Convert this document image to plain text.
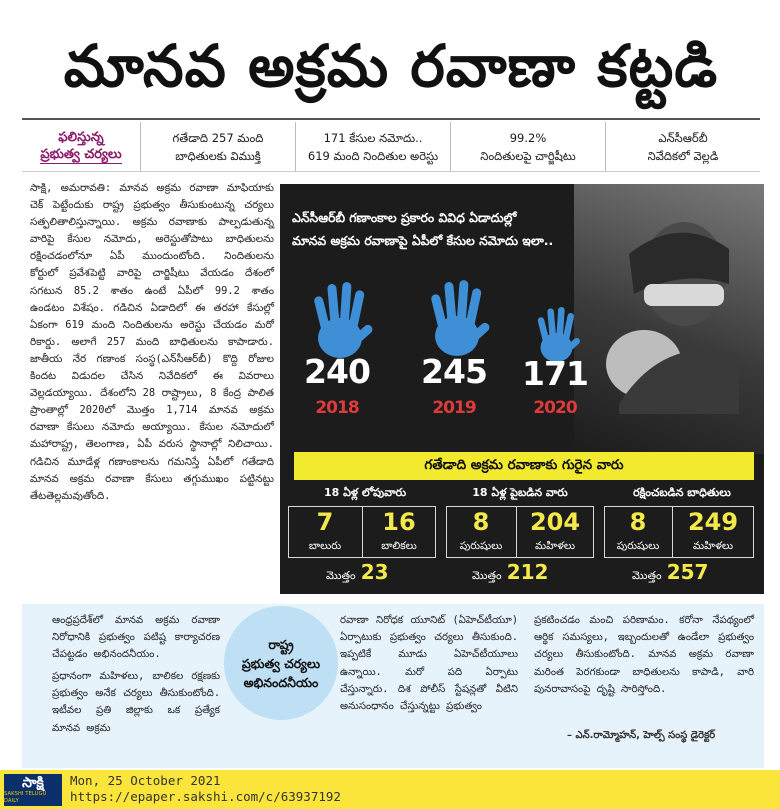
మానవ అక్రమ రవాణా కట్టడి
ఫలిస్తున్న
ప్రభుత్వ చర్యలు
గతేడాది 257 మంది
బాధితులకు విముక్తి
171 కేసుల నమోదు..
619 మంది నిందితుల అరెస్టు
99.2%
నిందితులపై చార్జిషీటు
ఎన్‌సీఆర్‌బీ
నివేదికలో వెల్లడి

సాక్షి, అమరావతి: మానవ అక్రమ రవాణా మాఫియాకు చెక్ పెట్టేందుకు రాష్ట్ర ప్రభుత్వం తీసుకుంటున్న చర్యలు సత్ఫలితాలిస్తున్నాయి. అక్రమ రవాణాకు పాల్పడుతున్న వారిపై కేసుల నమోదు, అరెస్టుతోపాటు బాధితులను రక్షించడంలోనూ ఏపీ ముందుంటోంది. నిందితులను కోర్టులో ప్రవేశపెట్టి వారిపై చార్జిషీటు వేయడం దేశంలో సగటున 85.2 శాతం ఉంటే ఏపీలో 99.2 శాతం ఉండటం విశేషం. గడిచిన ఏడాదిలో ఈ తరహా కేసుల్లో ఏకంగా 619 మంది నిందితులను అరెస్టు చేయడం మరో రికార్డు. అలాగే 257 మంది బాధితులను కాపాడారు. జాతీయ నేర గణాంక సంస్థ(ఎన్‌సీఆర్‌బీ) కొద్ది రోజుల కిందట విడుదల చేసిన నివేదికలో ఈ వివరాలు వెల్లడయ్యాయి. దేశంలోని 28 రాష్ట్రాలు, 8 కేంద్ర పాలిత ప్రాంతాల్లో 2020లో మొత్తం 1,714 మానవ అక్రమ రవాణా కేసులు నమోదు అయ్యాయి. కేసుల నమోదులో మహారాష్ట్ర, తెలంగాణ, ఏపీ వరుస స్థానాల్లో నిలిచాయి. గడిచిన మూడేళ్ల గణాంకాలను గమనిస్తే ఏపీలో గతేడాది మానవ అక్రమ రవాణా కేసులు తగ్గుముఖం పట్టినట్టు తేటతెల్లమవుతోంది.

ఎన్‌సీఆర్‌బీ గణాంకాల ప్రకారం వివిధ ఏడాదుల్లో
మానవ అక్రమ రవాణాపై ఏపీలో కేసుల నమోదు ఇలా..
240
2018
245
2019
171
2020
గతేడాది అక్రమ రవాణాకు గురైన వారు
18 ఏళ్ల లోపువారు
7
బాలురు
16
బాలికలు
మొత్తం 23
18 ఏళ్ల పైబడిన వారు
8
పురుషులు
204
మహిళలు
మొత్తం 212
రక్షించబడిన బాధితులు
8
పురుషులు
249
మహిళలు
మొత్తం 257
ఆంధ్రప్రదేశ్‌లో మానవ అక్రమ రవాణా నిరోధానికి ప్రభుత్వం పటిష్ట కార్యాచరణ చేపట్టడం అభినందనీయం.
ప్రధానంగా మహిళలు, బాలికల రక్షణకు ప్రభుత్వం అనేక చర్యలు తీసుకుంటోంది. ఇటీవల ప్రతి జిల్లాకు ఒక ప్రత్యేక మానవ అక్రమ
రాష్ట్ర
ప్రభుత్వ చర్యలు
అభినందనీయం
రవాణా నిరోధక యూనిట్ (ఏహెచ్‌టీయూ) ఏర్పాటుకు ప్రభుత్వం చర్యలు తీసుకుంది. ఇప్పటికే మూడు ఏహెచ్‌టీయూలు ఉన్నాయి. మరో పది ఏర్పాటు చేస్తున్నారు. దిశ పోలీస్ స్టేషన్లతో వీటిని అనుసంధానం చేస్తున్నట్టు ప్రభుత్వం
ప్రకటించడం మంచి పరిణామం. కరోనా నేపథ్యంలో ఆర్థిక సమస్యలు, ఇబ్బందులతో ఉండేలా ప్రభుత్వం చర్యలు తీసుకుంటోంది. మానవ అక్రమ రవాణా మరింత పెరగకుండా బాధితులను కాపాడి, వారి పునరావాసంపై దృష్టి సారిస్తోంది.
– ఎన్.రామ్మోహన్, హెల్ప్ సంస్థ డైరెక్టర్
సాక్షి
SAKSHI TELUGU DAILY
Mon, 25 October 2021
https://epaper.sakshi.com/c/63937192
